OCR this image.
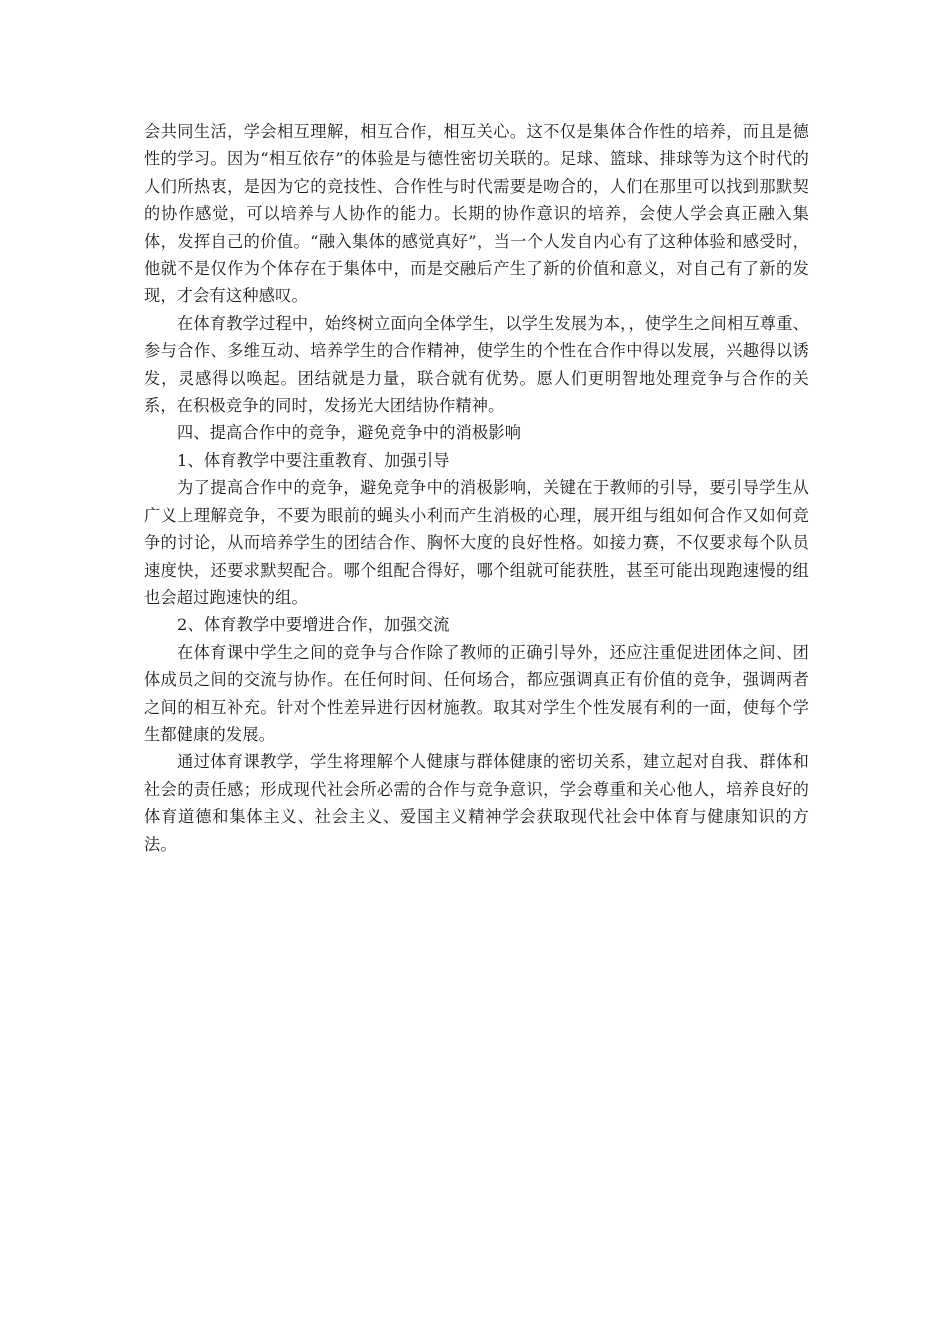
会共同生活，学会相互理解，相互合作，相互关心。这不仅是集体合作性的培养，而且是德性的学习。因为“相互依存”的体验是与德性密切关联的。足球、篮球、排球等为这个时代的人们所热衷，是因为它的竞技性、合作性与时代需要是吻合的，人们在那里可以找到那默契的协作感觉，可以培养与人协作的能力。长期的协作意识的培养，会使人学会真正融入集体，发挥自己的价值。“融入集体的感觉真好”，当一个人发自内心有了这种体验和感受时，他就不是仅作为个体存在于集体中，而是交融后产生了新的价值和意义，对自己有了新的发现，才会有这种感叹。

在体育教学过程中，始终树立面向全体学生，以学生发展为本，，使学生之间相互尊重、参与合作、多维互动、培养学生的合作精神，使学生的个性在合作中得以发展，兴趣得以诱发，灵感得以唤起。团结就是力量，联合就有优势。愿人们更明智地处理竞争与合作的关系，在积极竞争的同时，发扬光大团结协作精神。

四、提高合作中的竞争，避免竞争中的消极影响

1、体育教学中要注重教育、加强引导

为了提高合作中的竞争，避免竞争中的消极影响，关键在于教师的引导，要引导学生从广义上理解竞争，不要为眼前的蝇头小利而产生消极的心理，展开组与组如何合作又如何竞争的讨论，从而培养学生的团结合作、胸怀大度的良好性格。如接力赛，不仅要求每个队员速度快，还要求默契配合。哪个组配合得好，哪个组就可能获胜，甚至可能出现跑速慢的组也会超过跑速快的组。

2、体育教学中要增进合作，加强交流

在体育课中学生之间的竞争与合作除了教师的正确引导外，还应注重促进团体之间、团体成员之间的交流与协作。在任何时间、任何场合，都应强调真正有价值的竞争，强调两者之间的相互补充。针对个性差异进行因材施教。取其对学生个性发展有利的一面，使每个学生都健康的发展。

通过体育课教学，学生将理解个人健康与群体健康的密切关系，建立起对自我、群体和社会的责任感；形成现代社会所必需的合作与竞争意识，学会尊重和关心他人，培养良好的体育道德和集体主义、社会主义、爱国主义精神学会获取现代社会中体育与健康知识的方法。
